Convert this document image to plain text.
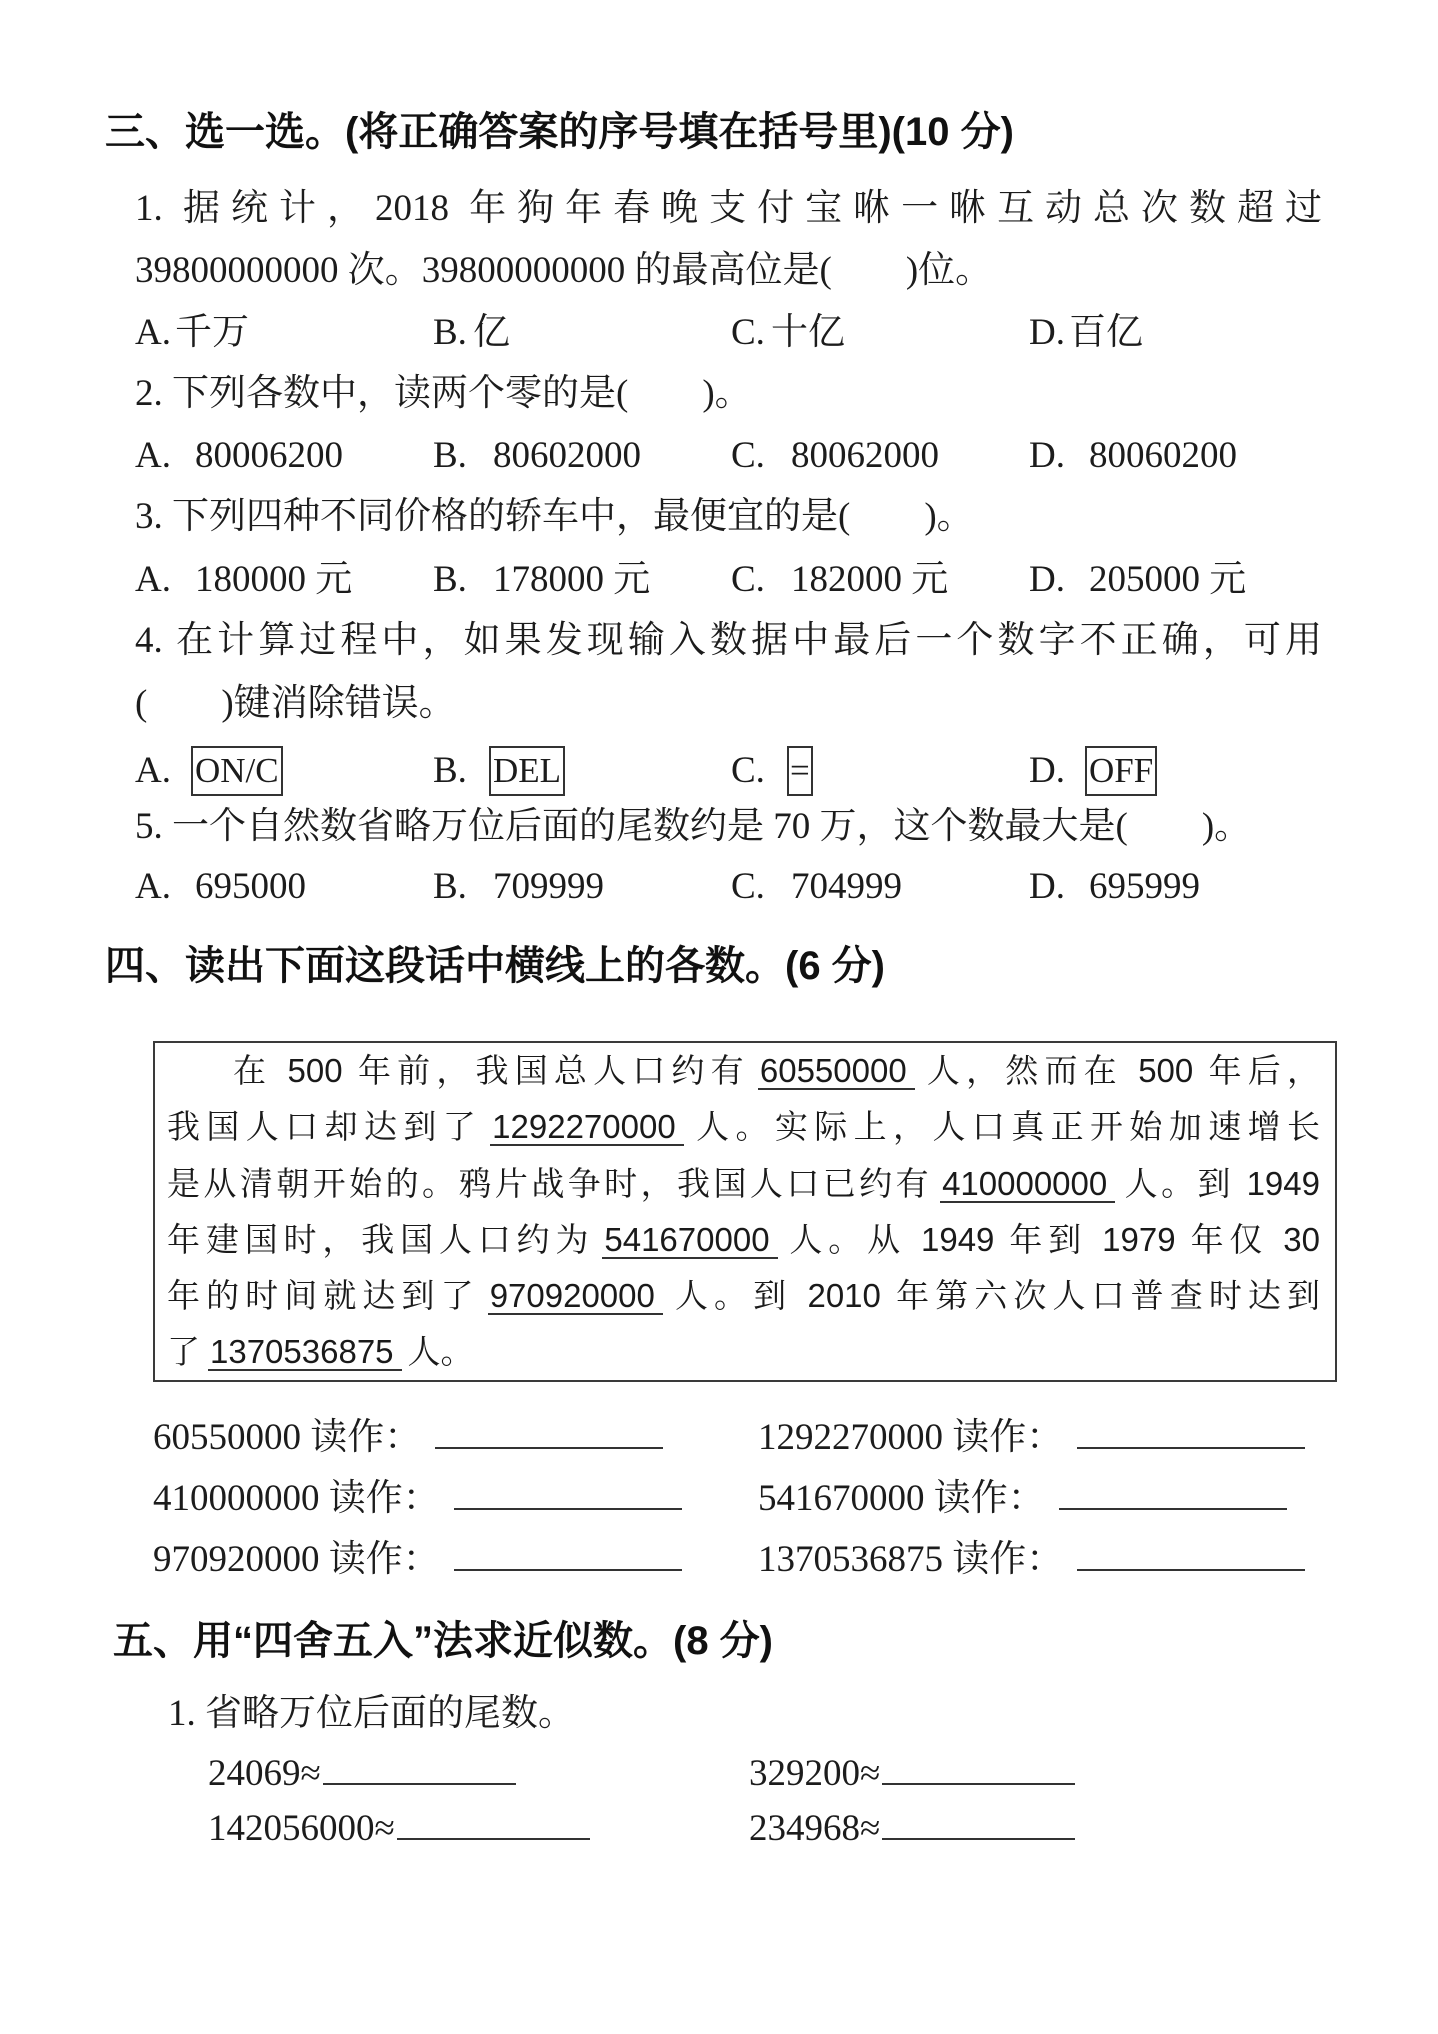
三、选一选。(将正确答案的序号填在括号里)(10 分)
1. 据统计，2018 年狗年春晚支付宝咻一咻互动总次数超过
39800000000 次。39800000000 的最高位是(　　)位。
A. 千万	B. 亿	C. 十亿	D. 百亿
2. 下列各数中，读两个零的是(　　)。
A. 80006200 B. 80602000 C. 80062000 D. 80060200
3. 下列四种不同价格的轿车中，最便宜的是(　　)。
A. 180000 元 B. 178000 元 C. 182000 元 D. 205000 元
4. 在计算过程中，如果发现输入数据中最后一个数字不正确，可用
(　　)键消除错误。
A. ON/C	B. DEL	C. =	D. OFF
5. 一个自然数省略万位后面的尾数约是 70 万，这个数最大是(　　)。
A. 695000	B. 709999	C. 704999	D. 695999
四、读出下面这段话中横线上的各数。(6 分)
在 500 年前，我国总人口约有 60550000 人，然而在 500 年后，
我国人口却达到了 1292270000 人。实际上，人口真正开始加速增长
是从清朝开始的。鸦片战争时，我国人口已约有 410000000 人。到 1949
年建国时，我国人口约为 541670000 人。从 1949 年到 1979 年仅 30
年的时间就达到了 970920000 人。到 2010 年第六次人口普查时达到
了 1370536875 人。
60550000 读作：	1292270000 读作：
410000000 读作：	541670000 读作：
970920000 读作：	1370536875 读作：
五、用“四舍五入”法求近似数。(8 分)
1. 省略万位后面的尾数。
24069≈	329200≈
142056000≈	234968≈
